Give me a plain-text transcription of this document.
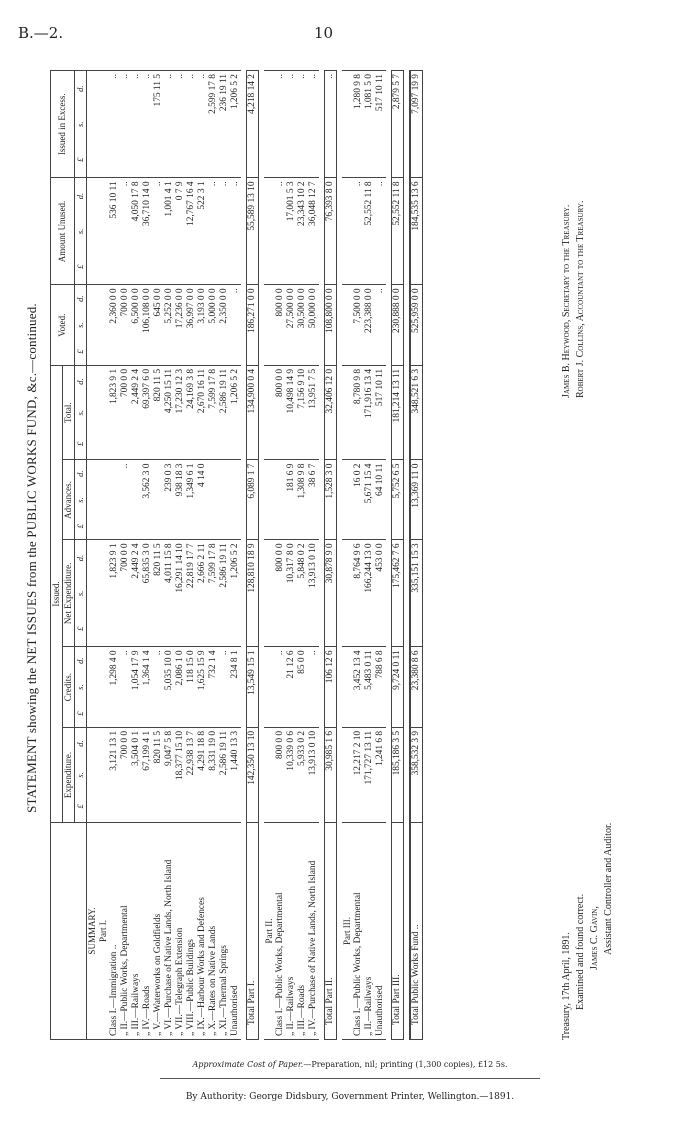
B.—2.	10
STATEMENT showing the NET ISSUES from the PUBLIC WORKS FUND, &c.—continued.
	Issued.					Voted.	Amount Unused.	Issued in Excess.
	Expenditure.	Credits.	Net Expenditure.	Advances.	Total.			

	£
s.
d.	£
s.
d.	£
s.
d.	£
s.
d.	£
s.
d.	£
s.
d.	£
s.
d.	£
s.
d.

SUMMARY.								
Part I.								
Class I.—Immigration ..	3,121 13 1	1,298 4 0	1,823 9 1		1,823 9 1	2,360 0 0	536 10 11	..
„ II.—Public Works, Departmental	700 0 0	..	700 0 0	..	700 0 0	700 0 0	..	..
„ III.—Railways	3,504 0 1	1,054 17 9	2,449 2 4		2,449 2 4	6,500 0 0	4,050 17 8	..
„ IV.—Roads	67,199 4 1	1,364 1 4	65,835 3 0	3,562 3 0	69,397 6 0	106,108 0 0	36,710 14 0	..
„ V.—Waterworks on Goldfields	820 11 5	..	820 11 5		820 11 5	645 0 0	..	175 11 5
„ VI.—Purchase of Native Lands, North Island	9,047 5 8	5,035 10 0	4,011 15 8	239 0 3	4,250 15 11	5,252 0 0	1,001 4 1	..
„ VII.—Telegraph Extension	18,377 15 10	2,086 1 0	16,291 14 10	938 18 3	17,230 12 3	17,236 0 0	0 7 9	..
„ VIII.—Public Buildings	22,938 13 7	118 15 0	22,819 17 7	1,349 6 1	24,169 3 8	36,997 0 0	12,767 16 4	..
„ IX.—Harbour Works and Defences	4,291 18 8	1,625 15 9	2,666 2 11	4 14 0	2,670 16 11	3,193 0 0	522 3 1	..
„ X.—Rates on Native Lands	8,331 19 0	732 1 4	7,599 17 8		7,599 17 8	5,000 0 0	..	2,599 17 8
„ XI.—Thermal Springs	2,586 19 11	..	2,586 19 11		2,586 19 11	2,350 0 0	..	236 19 11
Unauthorised	1,440 13 3	234 8 1	1,206 5 2		1,206 5 2	..	..	1,206 5 2

Total Part I.	142,350 13 10	13,549 15 1	128,810 18 9	6,089 1 7	134,900 0 4	186,271 0 0	55,589 13 10	4,218 14 2

Part II.								
Class I.—Public Works, Departmental	800 0 0	..	800 0 0		800 0 0	800 0 0	..	..
„ II.—Railways	10,339 0 6	21 12 6	10,317 8 0	181 6 9	10,498 14 9	27,500 0 0	17,001 5 3	..
„ III.—Roads	5,933 0 2	85 0 0	5,848 0 2	1,308 9 8	7,156 9 10	30,500 0 0	23,343 10 2	..
„ IV.—Purchase of Native Lands, North Island	13,913 0 10	..	13,913 0 10	38 6 7	13,951 7 5	50,000 0 0	36,048 12 7	..

Total Part II.	30,985 1 6	106 12 6	30,878 9 0	1,528 3 0	32,406 12 0	108,800 0 0	76,393 8 0	..

Part III.								
Class I.—Public Works, Departmental	12,217 2 10	3,452 13 4	8,764 9 6	16 0 2	8,780 9 8	7,500 0 0	..	1,280 9 8
„ II.—Railways	171,727 13 11	5,483 0 11	166,244 13 0	5,671 15 4	171,916 13 4	223,388 0 0	52,552 11 8	1,081 5 0
Unauthorised	1,241 6 8	788 6 8	453 0 0	64 10 11	517 10 11	..	..	517 10 11

Total Part III.	185,186 3 5	9,724 0 11	175,462 7 6	5,752 6 5	181,214 13 11	230,888 0 0	52,552 11 8	2,879 5 7

Total Public Works Fund ..	358,532 3 9	23,380 8 6	335,151 15 3	13,369 11 0	348,521 6 3	525,959 0 0	184,535 13 6	7,097 19 9
Treasury, 17th April, 1891. Examined and found correct. James C. Gavin, Assistant Controller and Auditor.
James B. Heywood, Secretary to the Treasury. Robert J. Collins, Accountant to the Treasury.
Approximate Cost of Paper.—Preparation, nil; printing (1,300 copies), £12 5s.
By Authority: George Didsbury, Government Printer, Wellington.—1891.
